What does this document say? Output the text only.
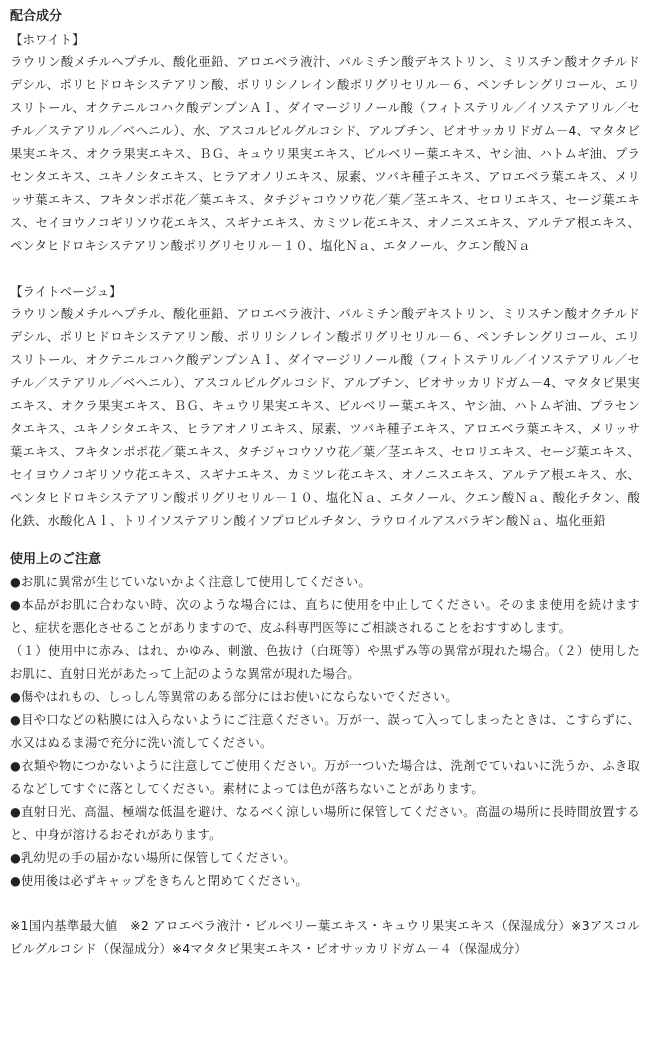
配合成分

【ホワイト】

ラウリン酸メチルヘプチル、酸化亜鉛、アロエベラ液汁、パルミチン酸デキストリン、ミリスチン酸オクチルドデシル、ポリヒドロキシステアリン酸、ポリリシノレイン酸ポリグリセリル－６、ペンチレングリコール、エリスリトール、オクテニルコハク酸デンプンＡｌ、ダイマージリノール酸（フィトステリル／イソステアリル／セチル／ステアリル／ベヘニル）、水、アスコルビルグルコシド、アルブチン、ビオサッカリドガム－4、マタタビ果実エキス、オクラ果実エキス、ＢＧ、キュウリ果実エキス、ビルベリー葉エキス、ヤシ油、ハトムギ油、プラセンタエキス、ユキノシタエキス、ヒラアオノリエキス、尿素、ツバキ種子エキス、アロエベラ葉エキス、メリッサ葉エキス、フキタンポポ花／葉エキス、タチジャコウソウ花／葉／茎エキス、セロリエキス、セージ葉エキス、セイヨウノコギリソウ花エキス、スギナエキス、カミツレ花エキス、オノニスエキス、アルテア根エキス、ペンタヒドロキシステアリン酸ポリグリセリル－１０、塩化Ｎａ、エタノール、クエン酸Ｎａ

【ライトベージュ】

ラウリン酸メチルヘプチル、酸化亜鉛、アロエベラ液汁、パルミチン酸デキストリン、ミリスチン酸オクチルドデシル、ポリヒドロキシステアリン酸、ポリリシノレイン酸ポリグリセリル－６、ペンチレングリコール、エリスリトール、オクテニルコハク酸デンプンＡｌ、ダイマージリノール酸（フィトステリル／イソステアリル／セチル／ステアリル／ベヘニル）、アスコルビルグルコシド、アルブチン、ビオサッカリドガム－4、マタタビ果実エキス、オクラ果実エキス、ＢＧ、キュウリ果実エキス、ビルベリー葉エキス、ヤシ油、ハトムギ油、プラセンタエキス、ユキノシタエキス、ヒラアオノリエキス、尿素、ツバキ種子エキス、アロエベラ葉エキス、メリッサ葉エキス、フキタンポポ花／葉エキス、タチジャコウソウ花／葉／茎エキス、セロリエキス、セージ葉エキス、セイヨウノコギリソウ花エキス、スギナエキス、カミツレ花エキス、オノニスエキス、アルテア根エキス、水、ペンタヒドロキシステアリン酸ポリグリセリル－１０、塩化Ｎａ、エタノール、クエン酸Ｎａ、酸化チタン、酸化鉄、水酸化Ａｌ、トリイソステアリン酸イソプロピルチタン、ラウロイルアスパラギン酸Ｎａ、塩化亜鉛

使用上のご注意

●お肌に異常が生じていないかよく注意して使用してください。
●本品がお肌に合わない時、次のような場合には、直ちに使用を中止してください。そのまま使用を続けますと、症状を悪化させることがありますので、皮ふ科専門医等にご相談されることをおすすめします。
（１）使用中に赤み、はれ、かゆみ、刺激、色抜け（白斑等）や黒ずみ等の異常が現れた場合。（２）使用したお肌に、直射日光があたって上記のような異常が現れた場合。
●傷やはれもの、しっしん等異常のある部分にはお使いにならないでください。
●目や口などの粘膜には入らないようにご注意ください。万が一、誤って入ってしまったときは、こすらずに、水又はぬるま湯で充分に洗い流してください。
●衣類や物につかないように注意してご使用ください。万が一ついた場合は、洗剤でていねいに洗うか、ふき取るなどしてすぐに落としてください。素材によっては色が落ちないことがあります。
●直射日光、高温、極端な低温を避け、なるべく涼しい場所に保管してください。高温の場所に長時間放置すると、中身が溶けるおそれがあります。
●乳幼児の手の届かない場所に保管してください。
●使用後は必ずキャップをきちんと閉めてください。

※1国内基準最大値　※2 アロエベラ液汁・ビルベリー葉エキス・キュウリ果実エキス（保湿成分）※3アスコルビルグルコシド（保湿成分）※4マタタビ果実エキス・ビオサッカリドガム－４（保湿成分）
